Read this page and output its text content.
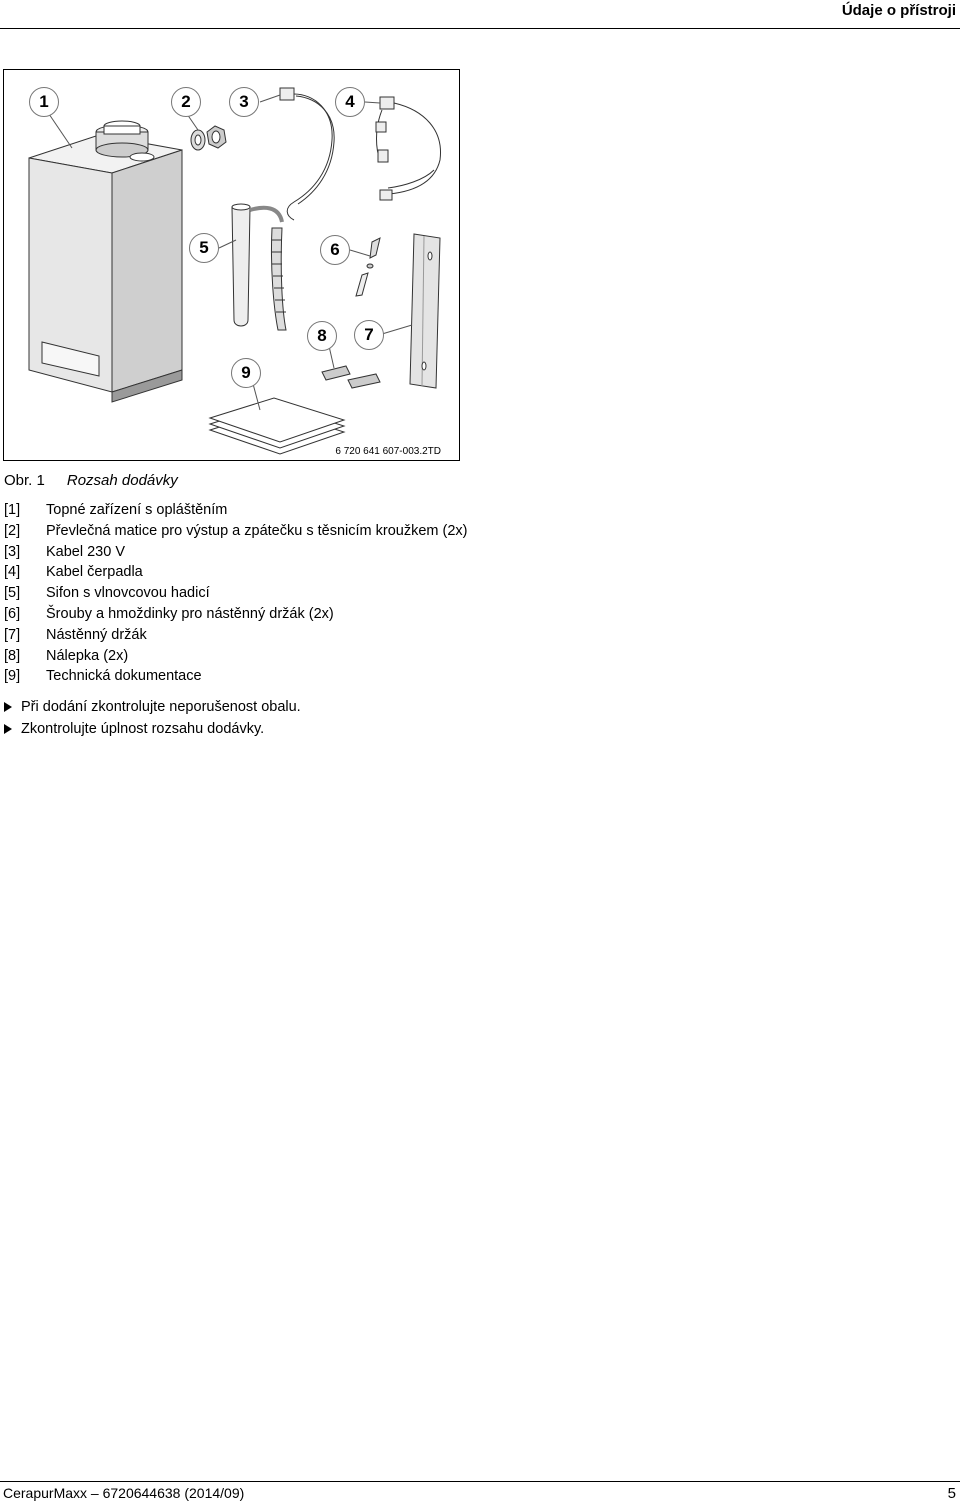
Údaje o přístroji
1	2	3	4
5	6
7
8
9
6 720 641 607-003.2TD
Obr. 1 Rozsah dodávky
[1] Topné zařízení s opláštěním
[2] Převlečná matice pro výstup a zpátečku s těsnicím kroužkem (2x)
[3] Kabel 230 V
[4] Kabel čerpadla
[5] Sifon s vlnovcovou hadicí
[6] Šrouby a hmoždinky pro nástěnný držák (2x)
[7] Nástěnný držák
[8] Nálepka (2x)
[9] Technická dokumentace
Při dodání zkontrolujte neporušenost obalu.
Zkontrolujte úplnost rozsahu dodávky.
CerapurMaxx – 6720644638 (2014/09)	5
